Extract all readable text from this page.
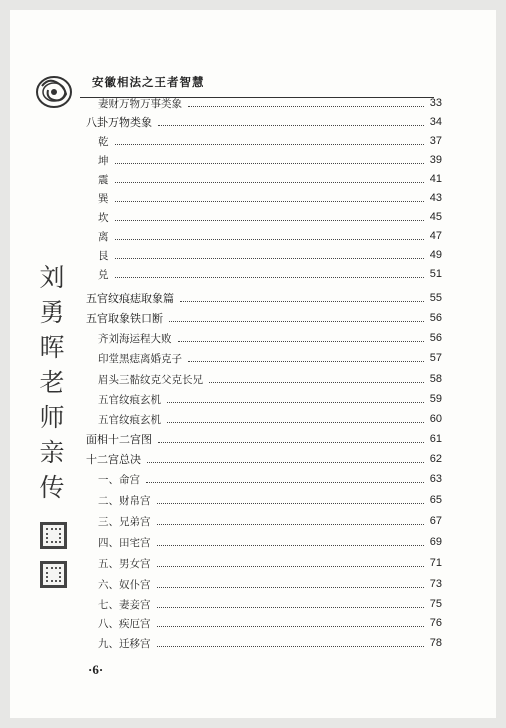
安徽相法之王者智慧
刘
勇
晖
老
师
亲
传
妻财万物万事类象	33
八卦万物类象	34
乾	37
坤	39
震	41
巽	43
坎	45
离	47
艮	49
兑	51
五官纹痕痣取象篇	55
五官取象铁口断	56
齐刘海运程大败	56
印堂黑痣离婚克子	57
眉头三骷纹克父克长兄	58
五官纹痕玄机	59
五官纹痕玄机	60
面相十二宫图	61
十二宫总决	62
一、命宫	63
二、财帛宫	65
三、兄弟宫	67
四、田宅宫	69
五、男女宫	71
六、奴仆宫	73
七、妻妾宫	75
八、疾厄宫	76
九、迁移宫	78
·6·
